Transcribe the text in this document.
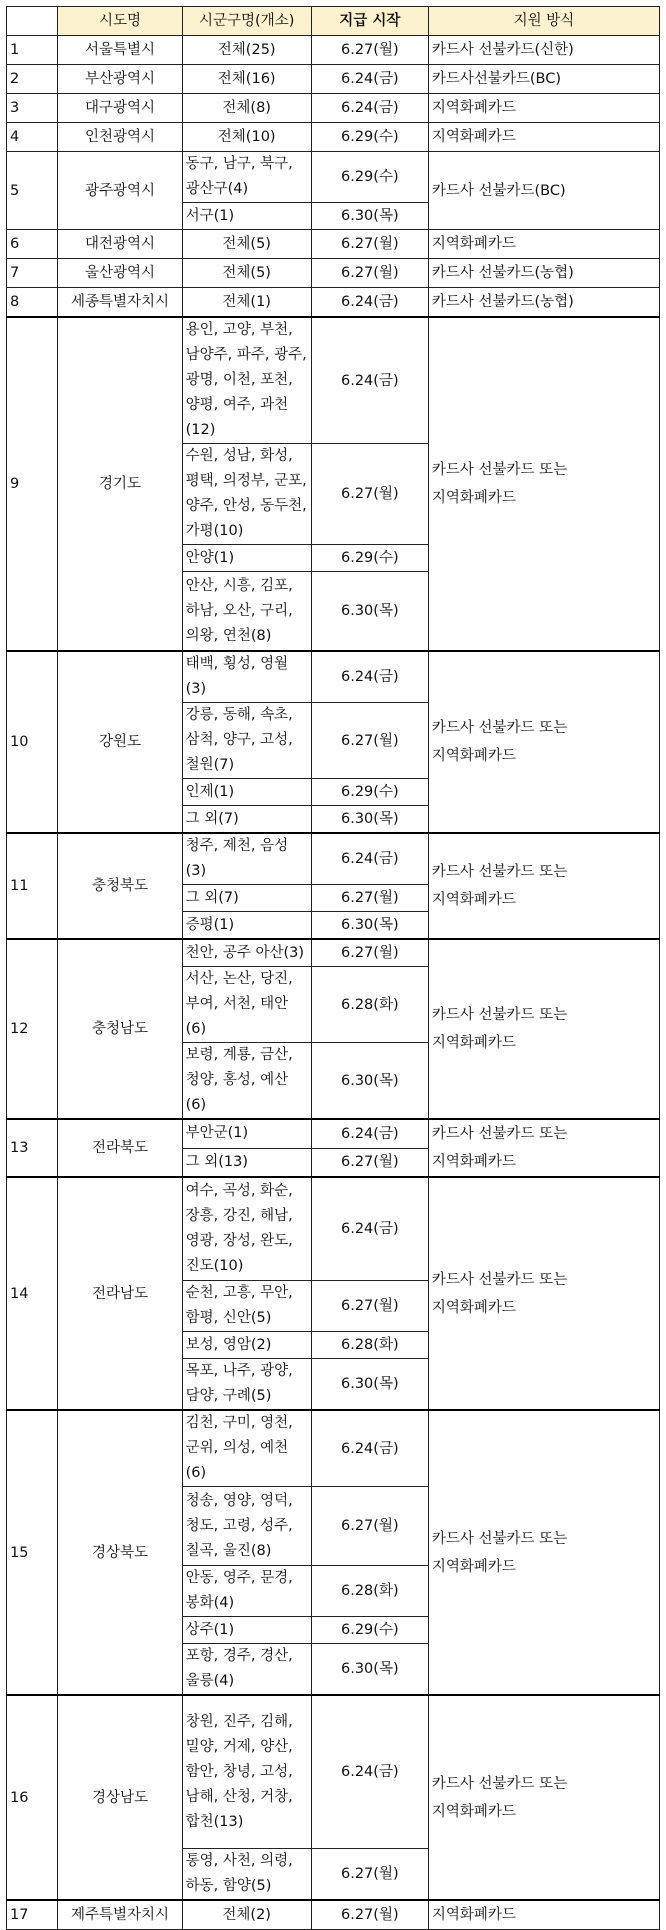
	시도명	시군구명(개소)	지급 시작	지원 방식
1	서울특별시	전체(25)	6.27(월)	카드사 선불카드(신한)
2	부산광역시	전체(16)	6.24(금)	카드사선불카드(BC)
3	대구광역시	전체(8)	6.24(금)	지역화폐카드
4	인천광역시	전체(10)	6.29(수)	지역화폐카드
5	광주광역시	동구, 남구, 북구, 광산구(4)	6.29(수)	카드사 선불카드(BC)
		서구(1)	6.30(목)	
6	대전광역시	전체(5)	6.27(월)	지역화폐카드
7	울산광역시	전체(5)	6.27(월)	카드사 선불카드(농협)
8	세종특별자치시	전체(1)	6.24(금)	카드사 선불카드(농협)
9	경기도	용인, 고양, 부천, 남양주, 파주, 광주, 광명, 이천, 포천, 양평, 여주, 과천(12)	6.24(금)	카드사 선불카드 또는
지역화폐카드
		수원, 성남, 화성, 평택, 의정부, 군포, 양주, 안성, 동두천, 가평(10)	6.27(월)	
		안양(1)	6.29(수)	
		안산, 시흥, 김포, 하남, 오산, 구리, 의왕, 연천(8)	6.30(목)	
10	강원도	태백, 횡성, 영월(3)	6.24(금)	카드사 선불카드 또는
지역화폐카드
		강릉, 동해, 속초, 삼척, 양구, 고성, 철원(7)	6.27(월)	
		인제(1)	6.29(수)	
		그 외(7)	6.30(목)	
11	충청북도	청주, 제천, 음성(3)	6.24(금)	카드사 선불카드 또는
지역화폐카드
		그 외(7)	6.27(월)	
		증평(1)	6.30(목)	
12	충청남도	천안, 공주 아산(3)	6.27(월)	카드사 선불카드 또는
지역화폐카드
		서산, 논산, 당진, 부여, 서천, 태안(6)	6.28(화)	
		보령, 계룡, 금산, 청양, 홍성, 예산(6)	6.30(목)	
13	전라북도	부안군(1)	6.24(금)	카드사 선불카드 또는
지역화폐카드
		그 외(13)	6.27(월)	
14	전라남도	여수, 곡성, 화순, 장흥, 강진, 해남, 영광, 장성, 완도, 진도(10)	6.24(금)	카드사 선불카드 또는
지역화폐카드
		순천, 고흥, 무안, 함평, 신안(5)	6.27(월)	
		보성, 영암(2)	6.28(화)	
		목포, 나주, 광양, 담양, 구례(5)	6.30(목)	
15	경상북도	김천, 구미, 영천, 군위, 의성, 예천(6)	6.24(금)	카드사 선불카드 또는
지역화폐카드
		청송, 영양, 영덕, 청도, 고령, 성주, 칠곡, 울진(8)	6.27(월)	
		안동, 영주, 문경, 봉화(4)	6.28(화)	
		상주(1)	6.29(수)	
		포항, 경주, 경산, 울릉(4)	6.30(목)	
16	경상남도	창원, 진주, 김해, 밀양, 거제, 양산, 함안, 창녕, 고성, 남해, 산청, 거창, 합천(13)	6.24(금)	카드사 선불카드 또는
지역화폐카드
		통영, 사천, 의령, 하동, 함양(5)	6.27(월)	
17	제주특별자치시	전체(2)	6.27(월)	지역화폐카드
